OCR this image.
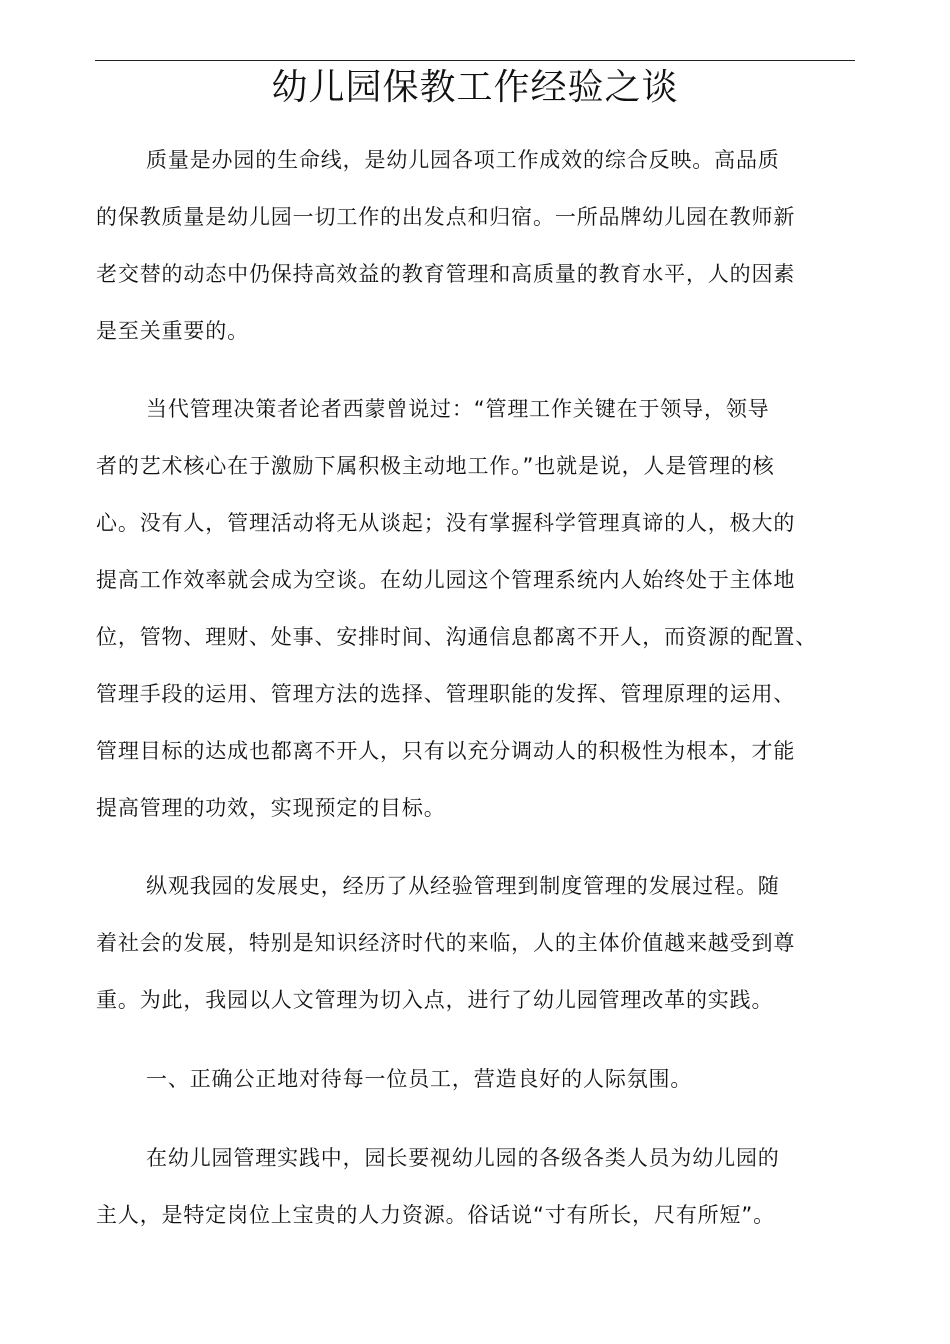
幼儿园保教工作经验之谈
质量是办园的生命线，是幼儿园各项工作成效的综合反映。高品质
的保教质量是幼儿园一切工作的出发点和归宿。一所品牌幼儿园在教师新
老交替的动态中仍保持高效益的教育管理和高质量的教育水平，人的因素
是至关重要的。
当代管理决策者论者西蒙曾说过：“管理工作关键在于领导，领导
者的艺术核心在于激励下属积极主动地工作。”也就是说，人是管理的核
心。没有人，管理活动将无从谈起；没有掌握科学管理真谛的人，极大的
提高工作效率就会成为空谈。在幼儿园这个管理系统内人始终处于主体地
位，管物、理财、处事、安排时间、沟通信息都离不开人，而资源的配置、
管理手段的运用、管理方法的选择、管理职能的发挥、管理原理的运用、
管理目标的达成也都离不开人，只有以充分调动人的积极性为根本，才能
提高管理的功效，实现预定的目标。
纵观我园的发展史，经历了从经验管理到制度管理的发展过程。随
着社会的发展，特别是知识经济时代的来临，人的主体价值越来越受到尊
重。为此，我园以人文管理为切入点，进行了幼儿园管理改革的实践。
一、正确公正地对待每一位员工，营造良好的人际氛围。
在幼儿园管理实践中，园长要视幼儿园的各级各类人员为幼儿园的
主人，是特定岗位上宝贵的人力资源。俗话说“寸有所长，尺有所短”。
